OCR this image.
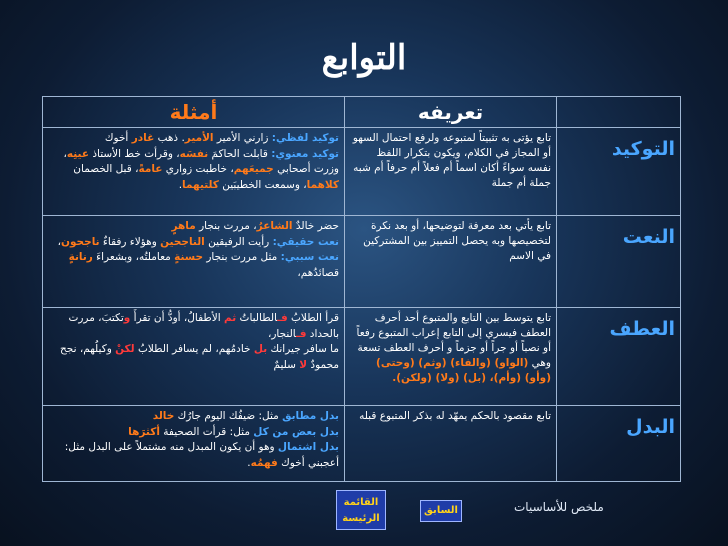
التوابع
	تعريفه	أمثلة
التوكيد	تابع يؤتى به تثبيتاً لمتبوعه ولرفع احتمال السهو أو المجاز في الكلام، ويكون بتكرار اللفظ نفسه سواءً أكان اسماً أم فعلاً أم حرفاً أم شبه جملة أم جملة	توكيد لفظي: زارني الأمير الأمير. ذهب غادر أخوك
توكيد معنوي: قابلت الحاكمَ نفسَه، وقرأت خط الأستاذ عينِه، وزرت أصحابي جميعَهم، خاطبت زواري عامةً، قبل الخصمان كلاهما، وسمعت الخطيبَين كلتيهما.

النعت	تابع يأتي بعد معرفة لتوضيحها، أو بعد نكرة لتخصيصها وبه يحصل التمييز بين المشتركين في الاسم	حضر خالدٌ الشاعرُ، مررت بنجار ماهرٍ
نعت حقيقي: رأيت الرفيقين الناجحين وهؤلاء رفقاءٌ ناجحون،
نعت سببي: مثل مررت بنجار حسنةٍ معاملتُه، وبشعراءَ رنانةٍ قصائدُهم،

العطف	تابع يتوسط بين التابع والمتبوع أحد أحرف العطف فيسري إلى التابع إعراب المتبوع رفعاً أو نصباً أو جراً أو جزماً و أحرف العطف تسعة وهي (الواو) (والفاء) (وثم) (وحتى) (وأو) (وأم)، (بل) (ولا) (ولكن).	قرأ الطلابُ فـالطالباتُ ثم الأطفالُ، أودُّ أن تقرأَ وتكتبَ، مررت بالحداد فـالنجار،
ما سافر جيرانك بل خادمُهم، لم يسافر الطلابُ لكنْ وكيلُهم، نجح محمودٌ لا سليمٌ

البدل	تابع مقصود بالحكم يمهّد له بذكر المتبوع قبله	بدل مطابق مثل: ضيفُك اليوم جارُك خالد
بدل بعض من كل مثل: قرأت الصحيفة أكثرَها
بدل اشتمال وهو أن يكون المبدل منه مشتملاً على البدل مثل: أعجبني أخوك فهمُه.
ملخص للأساسيات
السابق
القائمة
الرئيسة
